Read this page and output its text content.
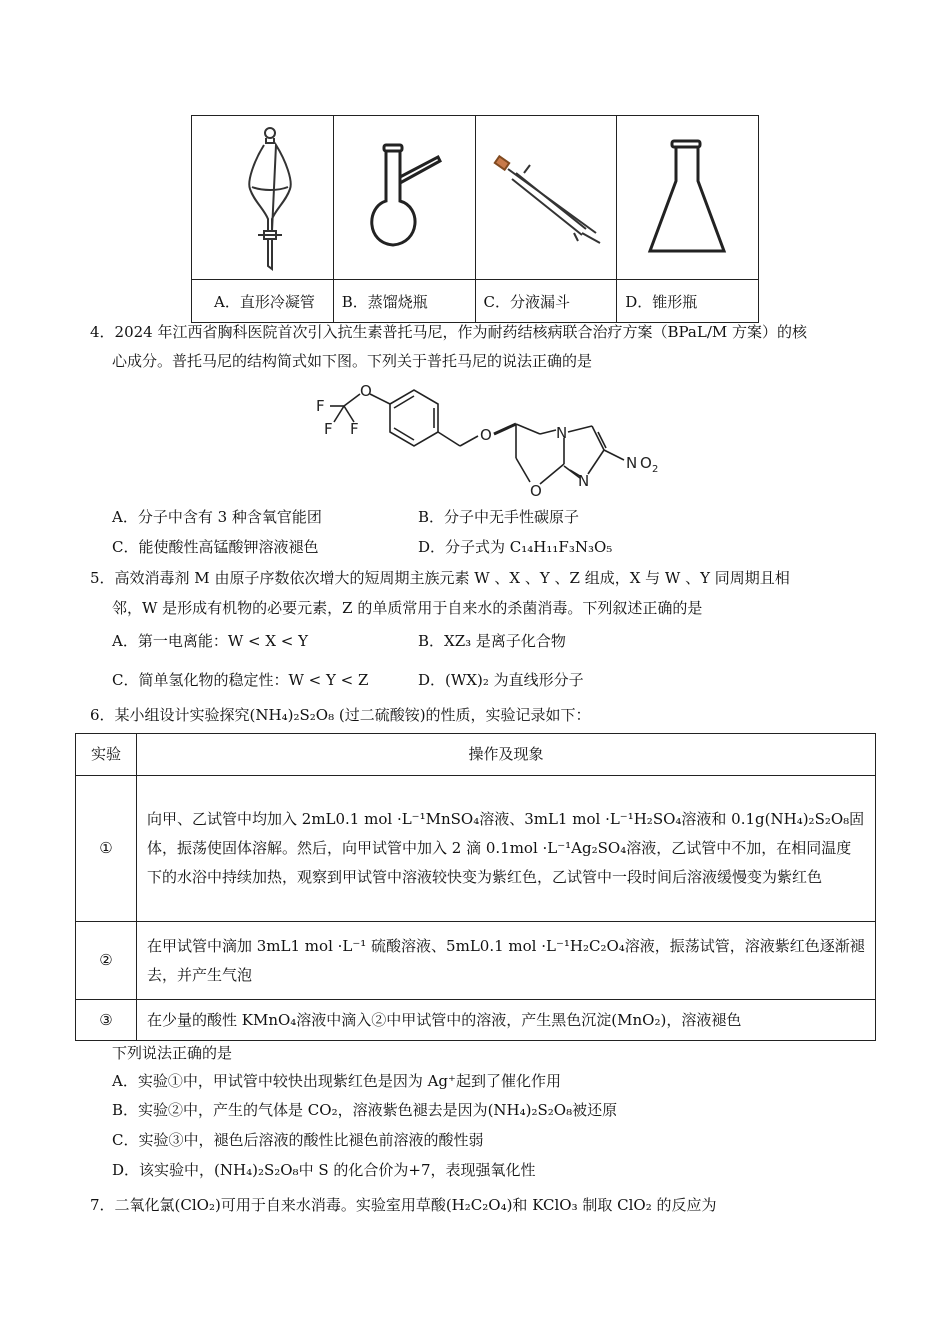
A．直形冷凝管	B．蒸馏烧瓶	C．分液漏斗	D．锥形瓶
4．2024 年江西省胸科医院首次引入抗生素普托马尼，作为耐药结核病联合治疗方案（BPaL/M 方案）的核
心成分。普托马尼的结构简式如下图。下列关于普托马尼的说法正确的是
F
F F
O
O
O
N
N
N O 2
A．分子中含有 3 种含氧官能团	B．分子中无手性碳原子
C．能使酸性高锰酸钾溶液褪色	D．分子式为 C₁₄H₁₁F₃N₃O₅
5．高效消毒剂 M 由原子序数依次增大的短周期主族元素 W 、X 、Y 、Z 组成，X 与 W 、Y 同周期且相
邻，W 是形成有机物的必要元素，Z 的单质常用于自来水的杀菌消毒。下列叙述正确的是
A．第一电离能：W < X < Y	B．XZ₃ 是离子化合物
C．简单氢化物的稳定性：W < Y < Z	D．(WX)₂ 为直线形分子
6．某小组设计实验探究(NH₄)₂S₂O₈ (过二硫酸铵)的性质，实验记录如下：
实验	操作及现象
①	向甲、乙试管中均加入 2mL0.1 mol ·L⁻¹MnSO₄溶液、3mL1 mol ·L⁻¹H₂SO₄溶液和 0.1g(NH₄)₂S₂O₈固体，振荡使固体溶解。然后，向甲试管中加入 2 滴 0.1mol ·L⁻¹Ag₂SO₄溶液，乙试管中不加，在相同温度下的水浴中持续加热，观察到甲试管中溶液较快变为紫红色，乙试管中一段时间后溶液缓慢变为紫红色
②	在甲试管中滴加 3mL1 mol ·L⁻¹ 硫酸溶液、5mL0.1 mol ·L⁻¹H₂C₂O₄溶液，振荡试管，溶液紫红色逐渐褪去，并产生气泡
③	在少量的酸性 KMnO₄溶液中滴入②中甲试管中的溶液，产生黑色沉淀(MnO₂)，溶液褪色
下列说法正确的是
A．实验①中，甲试管中较快出现紫红色是因为 Ag⁺起到了催化作用
B．实验②中，产生的气体是 CO₂，溶液紫色褪去是因为(NH₄)₂S₂O₈被还原
C．实验③中，褪色后溶液的酸性比褪色前溶液的酸性弱
D．该实验中，(NH₄)₂S₂O₈中 S 的化合价为+7，表现强氧化性
7．二氧化氯(ClO₂)可用于自来水消毒。实验室用草酸(H₂C₂O₄)和 KClO₃ 制取 ClO₂ 的反应为
